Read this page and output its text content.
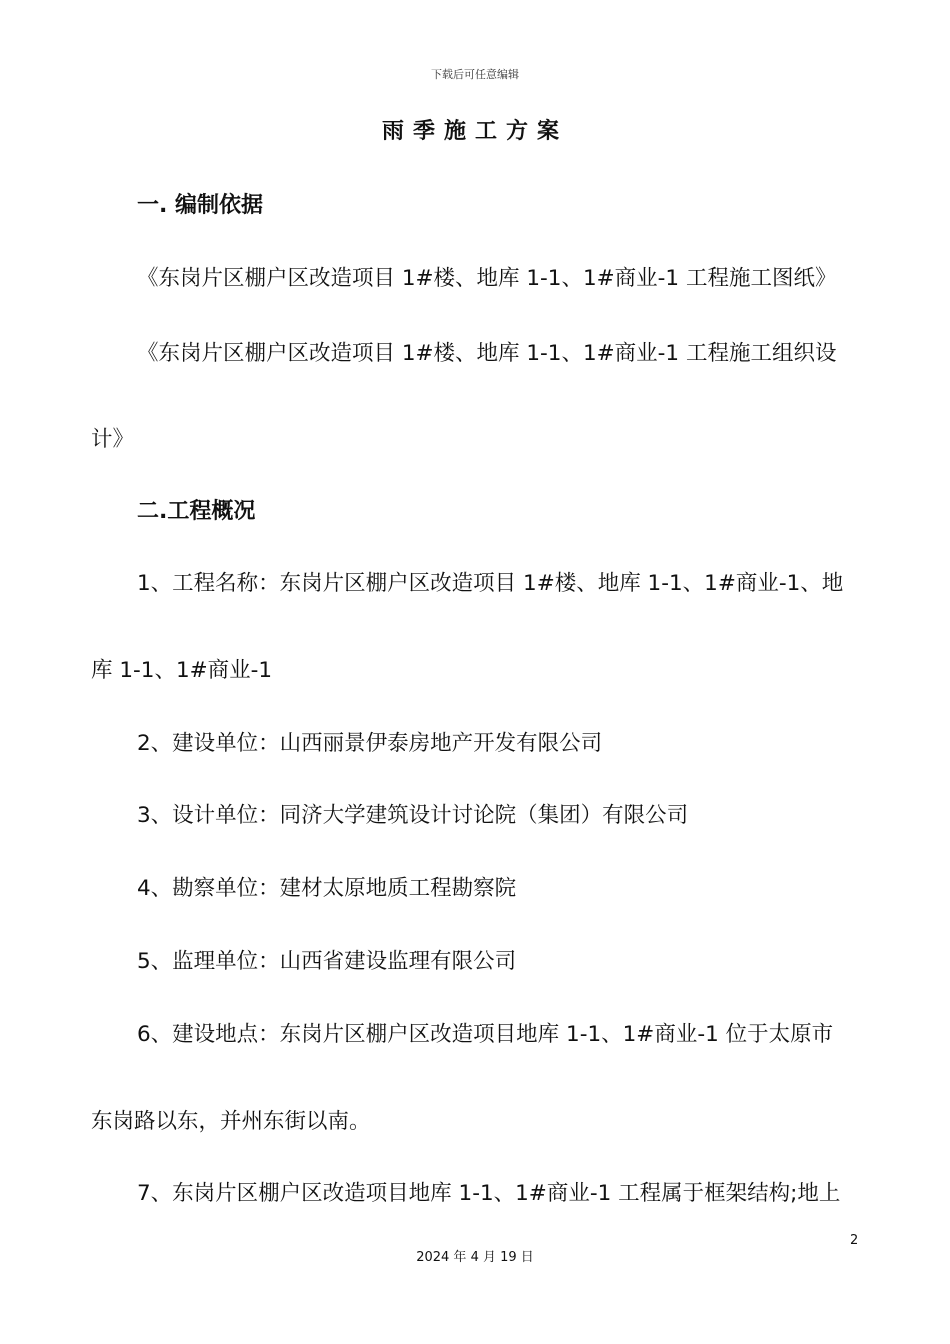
下载后可任意编辑
雨季施工方案
一. 编制依据
《东岗片区棚户区改造项目 1#楼、地库 1-1、1#商业-1 工程施工图纸》
《东岗片区棚户区改造项目 1#楼、地库 1-1、1#商业-1 工程施工组织设
计》
二.工程概况
1、工程名称：东岗片区棚户区改造项目 1#楼、地库 1-1、1#商业-1、地
库 1-1、1#商业-1
2、建设单位：山西丽景伊泰房地产开发有限公司
3、设计单位：同济大学建筑设计讨论院（集团）有限公司
4、勘察单位：建材太原地质工程勘察院
5、监理单位：山西省建设监理有限公司
6、建设地点：东岗片区棚户区改造项目地库 1-1、1#商业-1 位于太原市
东岗路以东，并州东街以南。
7、东岗片区棚户区改造项目地库 1-1、1#商业-1 工程属于框架结构;地上
2
2024 年 4 月 19 日
